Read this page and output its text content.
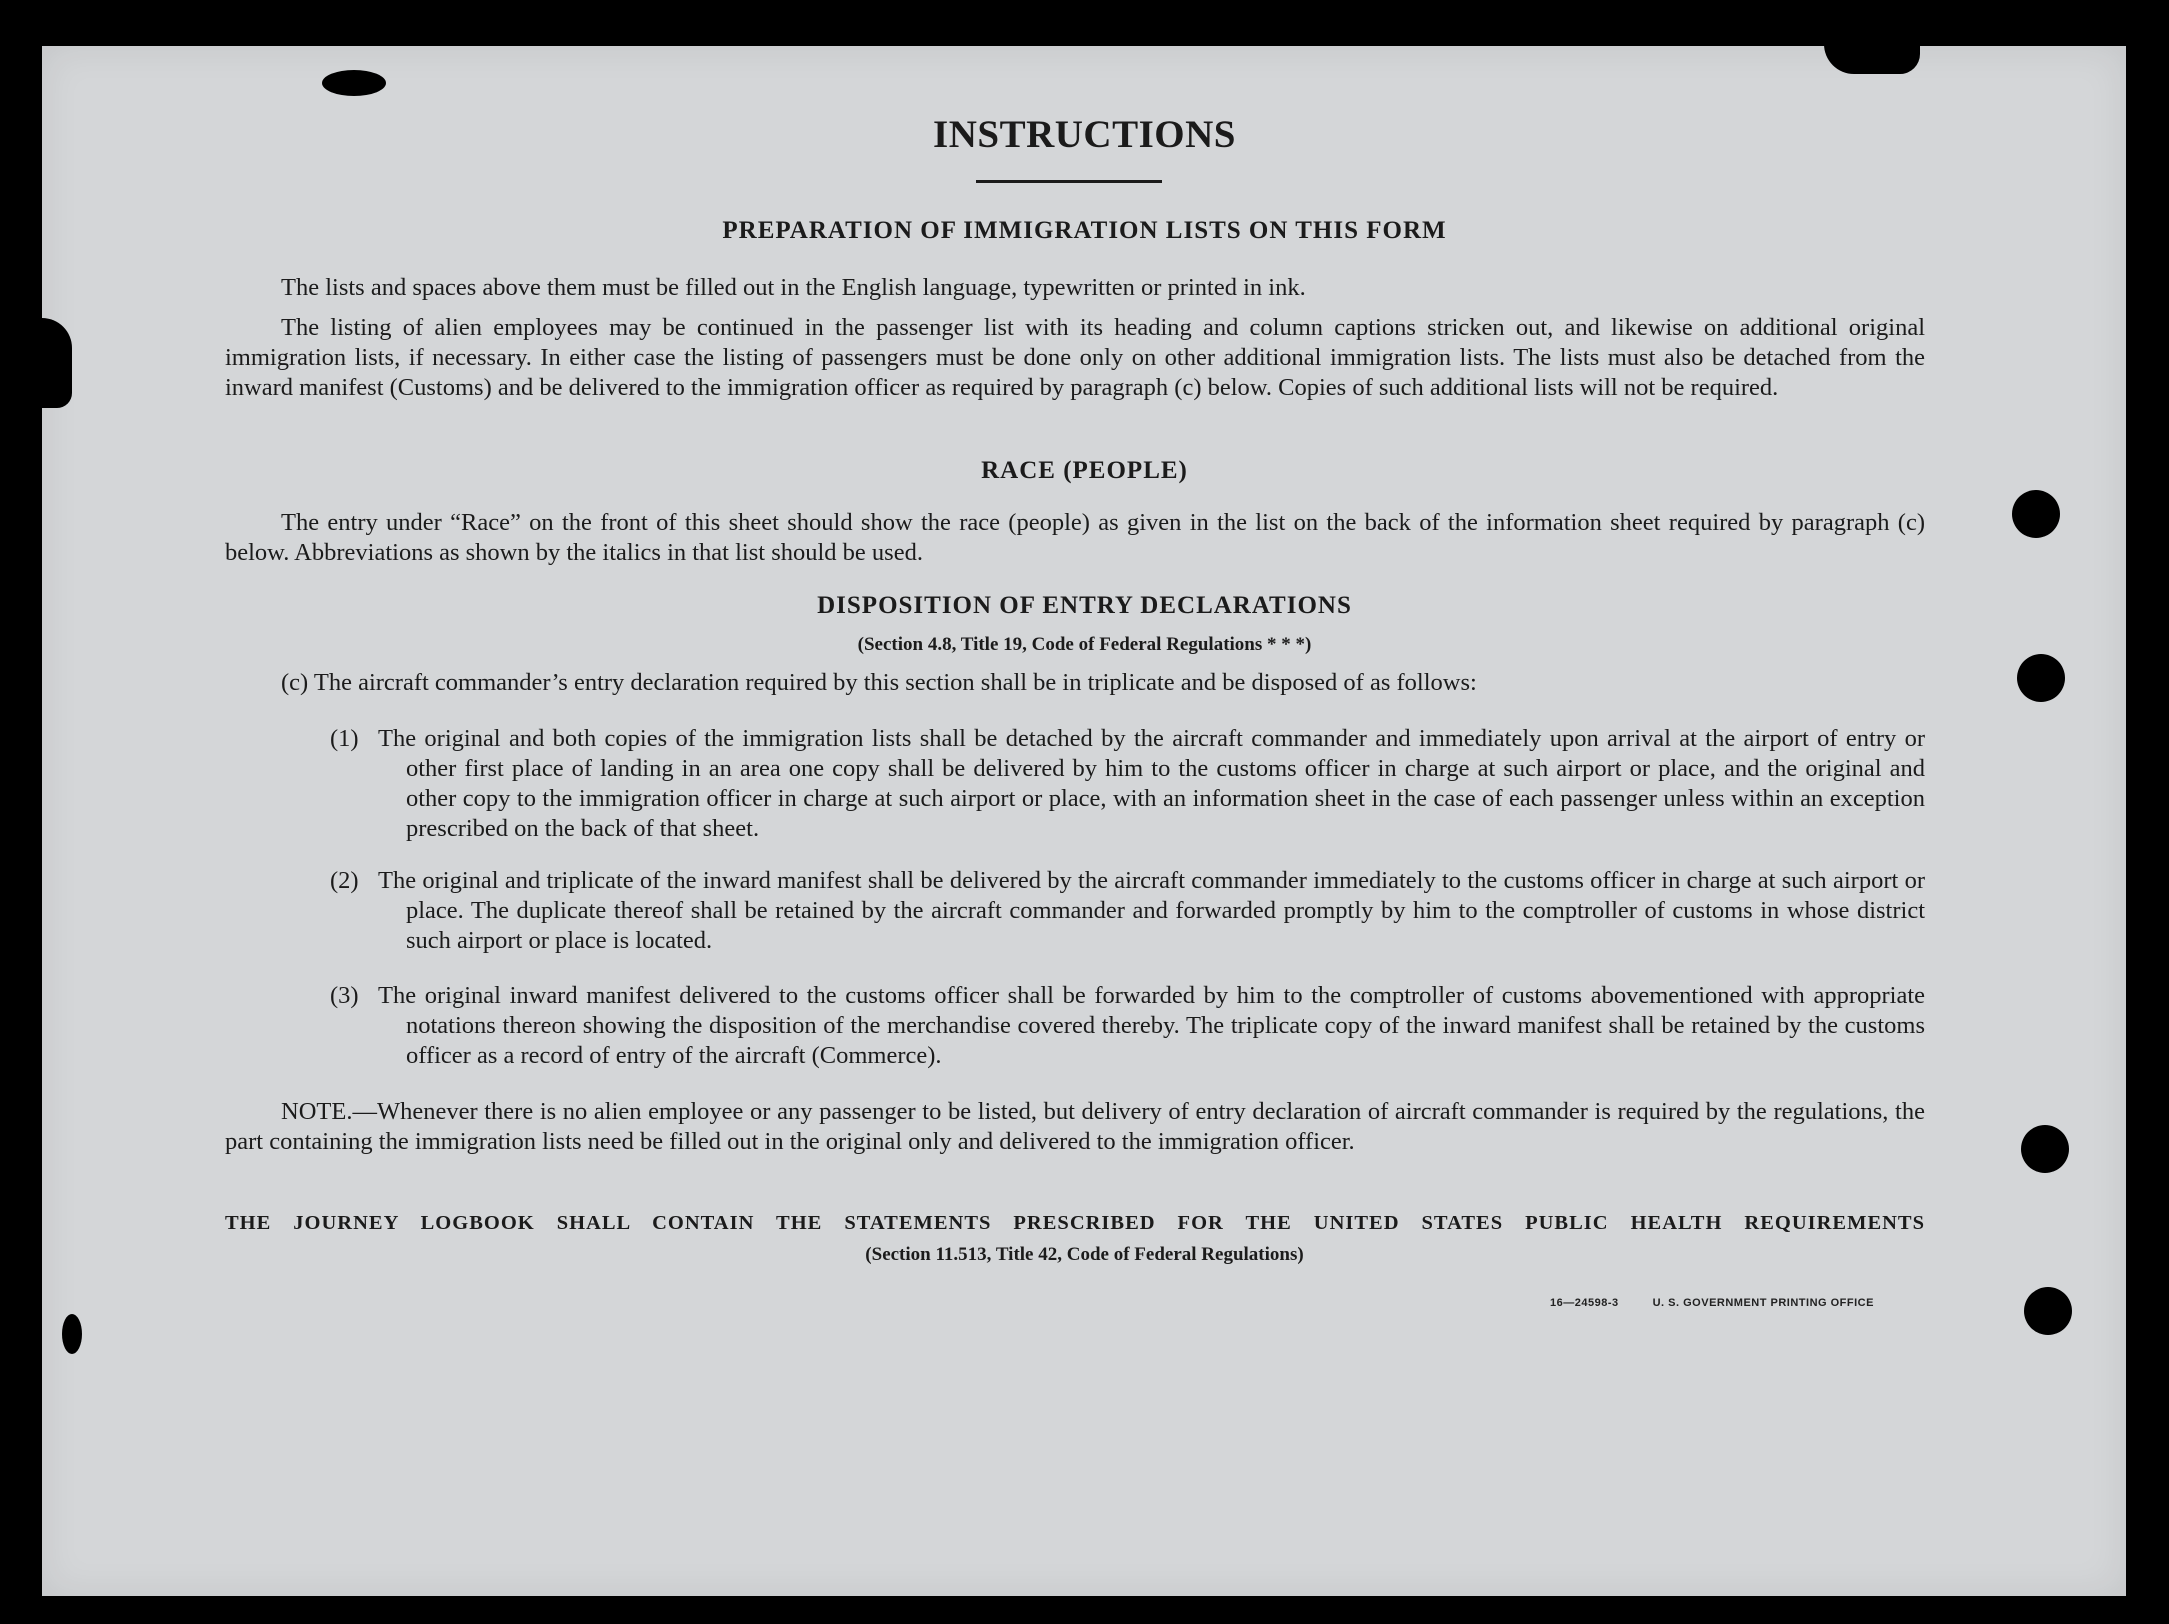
INSTRUCTIONS
PREPARATION OF IMMIGRATION LISTS ON THIS FORM
The lists and spaces above them must be filled out in the English language, typewritten or printed in ink.
The listing of alien employees may be continued in the passenger list with its heading and column captions stricken out, and likewise on additional original immigration lists, if necessary. In either case the listing of passengers must be done only on other additional immigration lists. The lists must also be detached from the inward manifest (Customs) and be delivered to the immigration officer as required by paragraph (c) below. Copies of such additional lists will not be required.
RACE (PEOPLE)
The entry under “Race” on the front of this sheet should show the race (people) as given in the list on the back of the information sheet required by paragraph (c) below. Abbreviations as shown by the italics in that list should be used.
DISPOSITION OF ENTRY DECLARATIONS
(Section 4.8, Title 19, Code of Federal Regulations * * *)
(c) The aircraft commander’s entry declaration required by this section shall be in triplicate and be disposed of as follows:
(1) The original and both copies of the immigration lists shall be detached by the aircraft commander and immediately upon arrival at the airport of entry or other first place of landing in an area one copy shall be delivered by him to the customs officer in charge at such airport or place, and the original and other copy to the immigration officer in charge at such airport or place, with an information sheet in the case of each passenger unless within an exception prescribed on the back of that sheet.
(2) The original and triplicate of the inward manifest shall be delivered by the aircraft commander immediately to the customs officer in charge at such airport or place. The duplicate thereof shall be retained by the aircraft commander and forwarded promptly by him to the comptroller of customs in whose district such airport or place is located.
(3) The original inward manifest delivered to the customs officer shall be forwarded by him to the comptroller of customs abovementioned with appropriate notations thereon showing the disposition of the merchandise covered thereby. The triplicate copy of the inward manifest shall be retained by the customs officer as a record of entry of the aircraft (Commerce).
NOTE.—Whenever there is no alien employee or any passenger to be listed, but delivery of entry declaration of aircraft commander is required by the regulations, the part containing the immigration lists need be filled out in the original only and delivered to the immigration officer.
THE JOURNEY LOGBOOK SHALL CONTAIN THE STATEMENTS PRESCRIBED FOR THE UNITED STATES PUBLIC HEALTH REQUIREMENTS
(Section 11.513, Title 42, Code of Federal Regulations)
16—24598-3	U. S. GOVERNMENT PRINTING OFFICE
